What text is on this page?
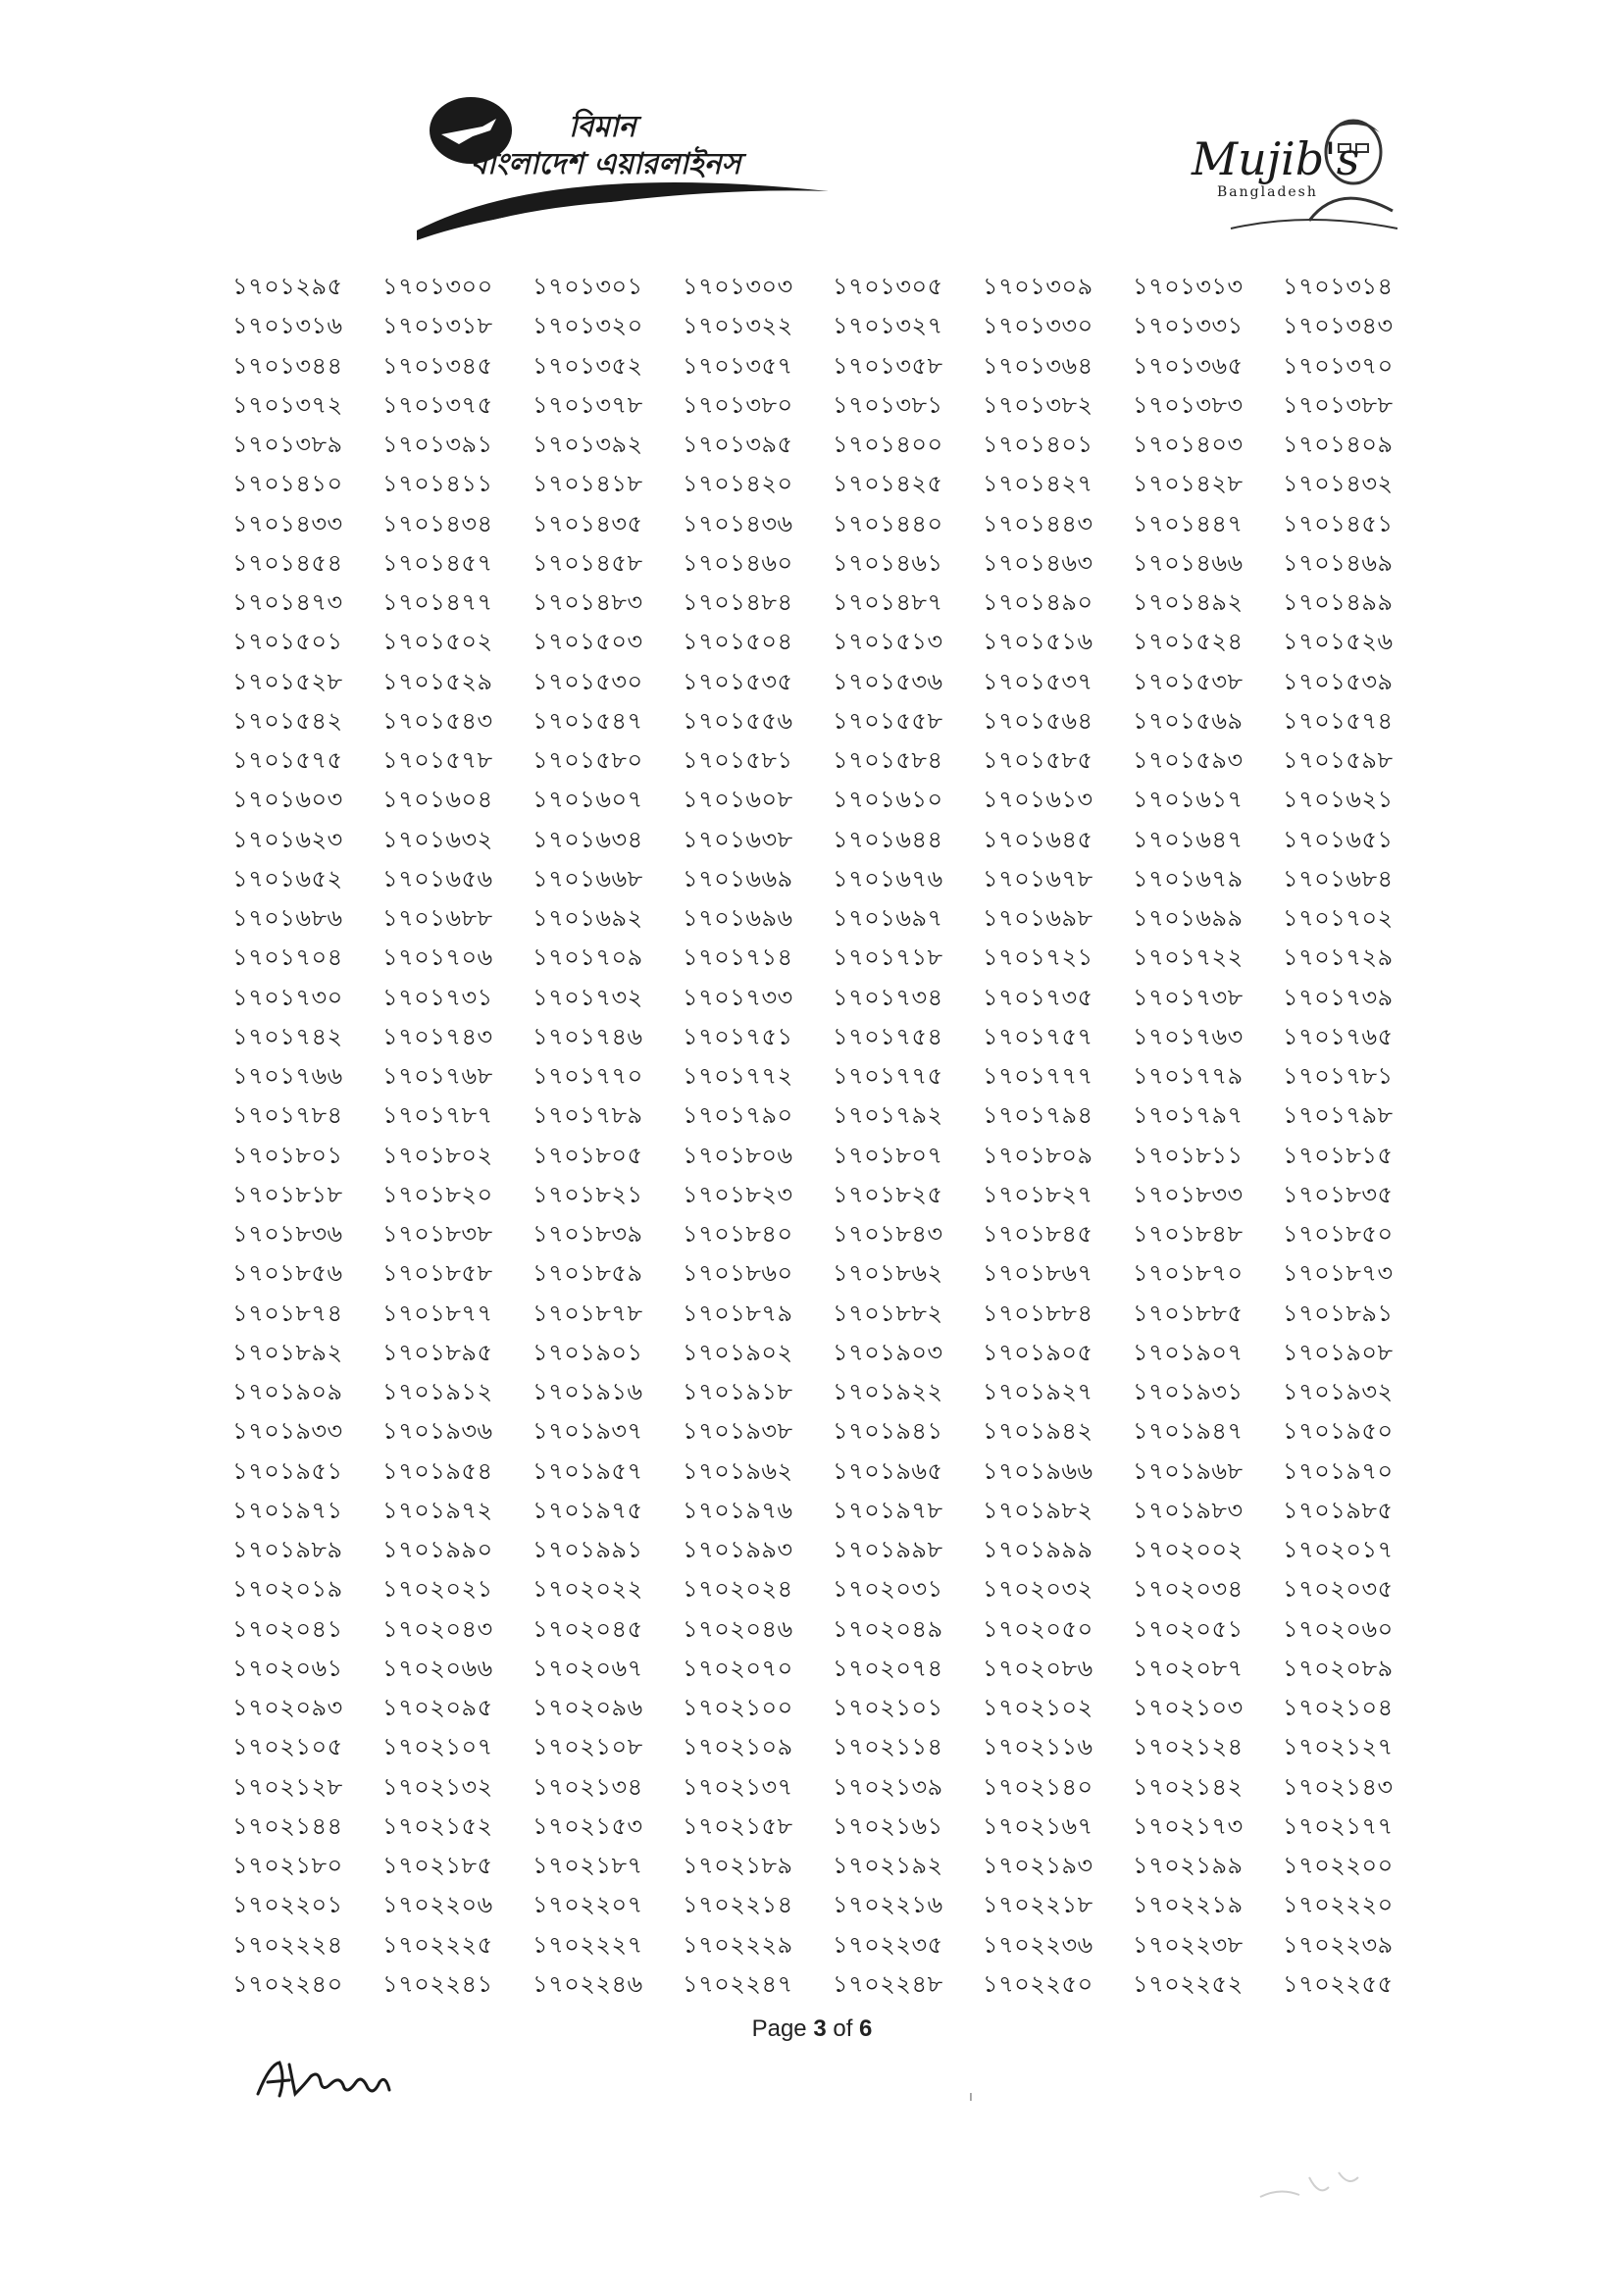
বিমান
বাংলাদেশ এয়ারলাইনস	Mujib's
Bangladesh
১৭০১২৯৫	১৭০১৩০০	১৭০১৩০১	১৭০১৩০৩	১৭০১৩০৫	১৭০১৩০৯	১৭০১৩১৩	১৭০১৩১৪
১৭০১৩১৬	১৭০১৩১৮	১৭০১৩২০	১৭০১৩২২	১৭০১৩২৭	১৭০১৩৩০	১৭০১৩৩১	১৭০১৩৪৩
১৭০১৩৪৪	১৭০১৩৪৫	১৭০১৩৫২	১৭০১৩৫৭	১৭০১৩৫৮	১৭০১৩৬৪	১৭০১৩৬৫	১৭০১৩৭০
১৭০১৩৭২	১৭০১৩৭৫	১৭০১৩৭৮	১৭০১৩৮০	১৭০১৩৮১	১৭০১৩৮২	১৭০১৩৮৩	১৭০১৩৮৮
১৭০১৩৮৯	১৭০১৩৯১	১৭০১৩৯২	১৭০১৩৯৫	১৭০১৪০০	১৭০১৪০১	১৭০১৪০৩	১৭০১৪০৯
১৭০১৪১০	১৭০১৪১১	১৭০১৪১৮	১৭০১৪২০	১৭০১৪২৫	১৭০১৪২৭	১৭০১৪২৮	১৭০১৪৩২
১৭০১৪৩৩	১৭০১৪৩৪	১৭০১৪৩৫	১৭০১৪৩৬	১৭০১৪৪০	১৭০১৪৪৩	১৭০১৪৪৭	১৭০১৪৫১
১৭০১৪৫৪	১৭০১৪৫৭	১৭০১৪৫৮	১৭০১৪৬০	১৭০১৪৬১	১৭০১৪৬৩	১৭০১৪৬৬	১৭০১৪৬৯
১৭০১৪৭৩	১৭০১৪৭৭	১৭০১৪৮৩	১৭০১৪৮৪	১৭০১৪৮৭	১৭০১৪৯০	১৭০১৪৯২	১৭০১৪৯৯
১৭০১৫০১	১৭০১৫০২	১৭০১৫০৩	১৭০১৫০৪	১৭০১৫১৩	১৭০১৫১৬	১৭০১৫২৪	১৭০১৫২৬
১৭০১৫২৮	১৭০১৫২৯	১৭০১৫৩০	১৭০১৫৩৫	১৭০১৫৩৬	১৭০১৫৩৭	১৭০১৫৩৮	১৭০১৫৩৯
১৭০১৫৪২	১৭০১৫৪৩	১৭০১৫৪৭	১৭০১৫৫৬	১৭০১৫৫৮	১৭০১৫৬৪	১৭০১৫৬৯	১৭০১৫৭৪
১৭০১৫৭৫	১৭০১৫৭৮	১৭০১৫৮০	১৭০১৫৮১	১৭০১৫৮৪	১৭০১৫৮৫	১৭০১৫৯৩	১৭০১৫৯৮
১৭০১৬০৩	১৭০১৬০৪	১৭০১৬০৭	১৭০১৬০৮	১৭০১৬১০	১৭০১৬১৩	১৭০১৬১৭	১৭০১৬২১
১৭০১৬২৩	১৭০১৬৩২	১৭০১৬৩৪	১৭০১৬৩৮	১৭০১৬৪৪	১৭০১৬৪৫	১৭০১৬৪৭	১৭০১৬৫১
১৭০১৬৫২	১৭০১৬৫৬	১৭০১৬৬৮	১৭০১৬৬৯	১৭০১৬৭৬	১৭০১৬৭৮	১৭০১৬৭৯	১৭০১৬৮৪
১৭০১৬৮৬	১৭০১৬৮৮	১৭০১৬৯২	১৭০১৬৯৬	১৭০১৬৯৭	১৭০১৬৯৮	১৭০১৬৯৯	১৭০১৭০২
১৭০১৭০৪	১৭০১৭০৬	১৭০১৭০৯	১৭০১৭১৪	১৭০১৭১৮	১৭০১৭২১	১৭০১৭২২	১৭০১৭২৯
১৭০১৭৩০	১৭০১৭৩১	১৭০১৭৩২	১৭০১৭৩৩	১৭০১৭৩৪	১৭০১৭৩৫	১৭০১৭৩৮	১৭০১৭৩৯
১৭০১৭৪২	১৭০১৭৪৩	১৭০১৭৪৬	১৭০১৭৫১	১৭০১৭৫৪	১৭০১৭৫৭	১৭০১৭৬৩	১৭০১৭৬৫
১৭০১৭৬৬	১৭০১৭৬৮	১৭০১৭৭০	১৭০১৭৭২	১৭০১৭৭৫	১৭০১৭৭৭	১৭০১৭৭৯	১৭০১৭৮১
১৭০১৭৮৪	১৭০১৭৮৭	১৭০১৭৮৯	১৭০১৭৯০	১৭০১৭৯২	১৭০১৭৯৪	১৭০১৭৯৭	১৭০১৭৯৮
১৭০১৮০১	১৭০১৮০২	১৭০১৮০৫	১৭০১৮০৬	১৭০১৮০৭	১৭০১৮০৯	১৭০১৮১১	১৭০১৮১৫
১৭০১৮১৮	১৭০১৮২০	১৭০১৮২১	১৭০১৮২৩	১৭০১৮২৫	১৭০১৮২৭	১৭০১৮৩৩	১৭০১৮৩৫
১৭০১৮৩৬	১৭০১৮৩৮	১৭০১৮৩৯	১৭০১৮৪০	১৭০১৮৪৩	১৭০১৮৪৫	১৭০১৮৪৮	১৭০১৮৫০
১৭০১৮৫৬	১৭০১৮৫৮	১৭০১৮৫৯	১৭০১৮৬০	১৭০১৮৬২	১৭০১৮৬৭	১৭০১৮৭০	১৭০১৮৭৩
১৭০১৮৭৪	১৭০১৮৭৭	১৭০১৮৭৮	১৭০১৮৭৯	১৭০১৮৮২	১৭০১৮৮৪	১৭০১৮৮৫	১৭০১৮৯১
১৭০১৮৯২	১৭০১৮৯৫	১৭০১৯০১	১৭০১৯০২	১৭০১৯০৩	১৭০১৯০৫	১৭০১৯০৭	১৭০১৯০৮
১৭০১৯০৯	১৭০১৯১২	১৭০১৯১৬	১৭০১৯১৮	১৭০১৯২২	১৭০১৯২৭	১৭০১৯৩১	১৭০১৯৩২
১৭০১৯৩৩	১৭০১৯৩৬	১৭০১৯৩৭	১৭০১৯৩৮	১৭০১৯৪১	১৭০১৯৪২	১৭০১৯৪৭	১৭০১৯৫০
১৭০১৯৫১	১৭০১৯৫৪	১৭০১৯৫৭	১৭০১৯৬২	১৭০১৯৬৫	১৭০১৯৬৬	১৭০১৯৬৮	১৭০১৯৭০
১৭০১৯৭১	১৭০১৯৭২	১৭০১৯৭৫	১৭০১৯৭৬	১৭০১৯৭৮	১৭০১৯৮২	১৭০১৯৮৩	১৭০১৯৮৫
১৭০১৯৮৯	১৭০১৯৯০	১৭০১৯৯১	১৭০১৯৯৩	১৭০১৯৯৮	১৭০১৯৯৯	১৭০২০০২	১৭০২০১৭
১৭০২০১৯	১৭০২০২১	১৭০২০২২	১৭০২০২৪	১৭০২০৩১	১৭০২০৩২	১৭০২০৩৪	১৭০২০৩৫
১৭০২০৪১	১৭০২০৪৩	১৭০২০৪৫	১৭০২০৪৬	১৭০২০৪৯	১৭০২০৫০	১৭০২০৫১	১৭০২০৬০
১৭০২০৬১	১৭০২০৬৬	১৭০২০৬৭	১৭০২০৭০	১৭০২০৭৪	১৭০২০৮৬	১৭০২০৮৭	১৭০২০৮৯
১৭০২০৯৩	১৭০২০৯৫	১৭০২০৯৬	১৭০২১০০	১৭০২১০১	১৭০২১০২	১৭০২১০৩	১৭০২১০৪
১৭০২১০৫	১৭০২১০৭	১৭০২১০৮	১৭০২১০৯	১৭০২১১৪	১৭০২১১৬	১৭০২১২৪	১৭০২১২৭
১৭০২১২৮	১৭০২১৩২	১৭০২১৩৪	১৭০২১৩৭	১৭০২১৩৯	১৭০২১৪০	১৭০২১৪২	১৭০২১৪৩
১৭০২১৪৪	১৭০২১৫২	১৭০২১৫৩	১৭০২১৫৮	১৭০২১৬১	১৭০২১৬৭	১৭০২১৭৩	১৭০২১৭৭
১৭০২১৮০	১৭০২১৮৫	১৭০২১৮৭	১৭০২১৮৯	১৭০২১৯২	১৭০২১৯৩	১৭০২১৯৯	১৭০২২০০
১৭০২২০১	১৭০২২০৬	১৭০২২০৭	১৭০২২১৪	১৭০২২১৬	১৭০২২১৮	১৭০২২১৯	১৭০২২২০
১৭০২২২৪	১৭০২২২৫	১৭০২২২৭	১৭০২২২৯	১৭০২২৩৫	১৭০২২৩৬	১৭০২২৩৮	১৭০২২৩৯
১৭০২২৪০	১৭০২২৪১	১৭০২২৪৬	১৭০২২৪৭	১৭০২২৪৮	১৭০২২৫০	১৭০২২৫২	১৭০২২৫৫
Page 3 of 6
ı
